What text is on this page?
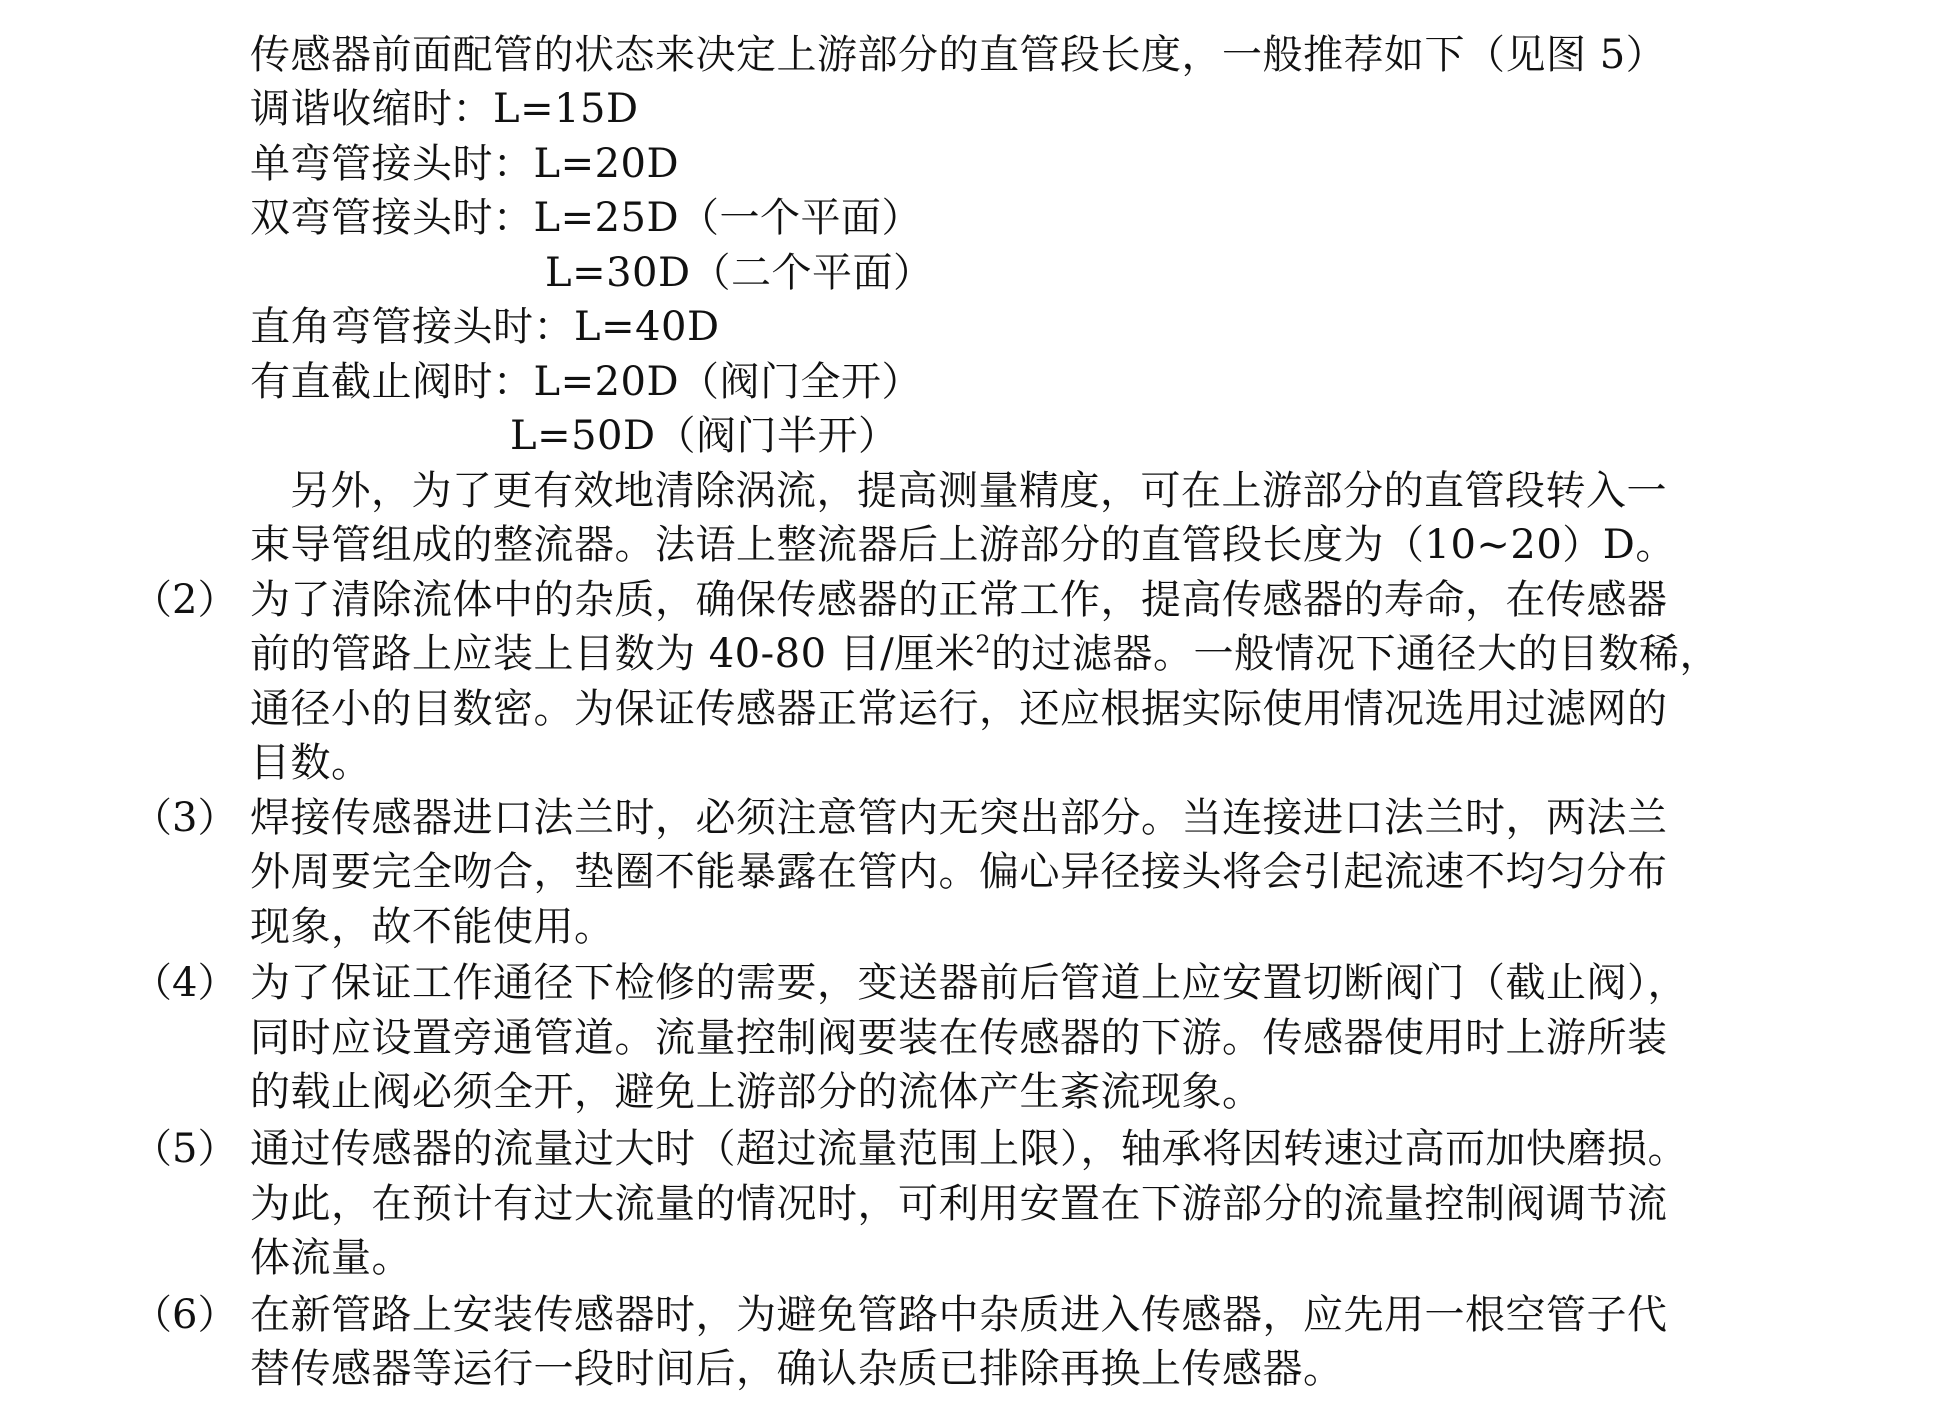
传感器前面配管的状态来决定上游部分的直管段长度，一般推荐如下（见图 5）
调谐收缩时：L=15D
单弯管接头时：L=20D
双弯管接头时：L=25D（一个平面）
L=30D（二个平面）
直角弯管接头时：L=40D
有直截止阀时：L=20D（阀门全开）
L=50D（阀门半开）
另外，为了更有效地清除涡流，提高测量精度，可在上游部分的直管段转入一
束导管组成的整流器。法语上整流器后上游部分的直管段长度为（10~20）D。
（2） 为了清除流体中的杂质，确保传感器的正常工作，提高传感器的寿命，在传感器
前的管路上应装上目数为 40-80 目/厘米$^2$的过滤器。一般情况下通径大的目数稀，
通径小的目数密。为保证传感器正常运行，还应根据实际使用情况选用过滤网的
目数。
（3） 焊接传感器进口法兰时，必须注意管内无突出部分。当连接进口法兰时，两法兰
外周要完全吻合，垫圈不能暴露在管内。偏心异径接头将会引起流速不均匀分布
现象，故不能使用。
（4） 为了保证工作通径下检修的需要，变送器前后管道上应安置切断阀门（截止阀），
同时应设置旁通管道。流量控制阀要装在传感器的下游。传感器使用时上游所装
的载止阀必须全开，避免上游部分的流体产生紊流现象。
（5） 通过传感器的流量过大时（超过流量范围上限），轴承将因转速过高而加快磨损。
为此，在预计有过大流量的情况时，可利用安置在下游部分的流量控制阀调节流
体流量。
（6） 在新管路上安装传感器时，为避免管路中杂质进入传感器，应先用一根空管子代
替传感器等运行一段时间后，确认杂质已排除再换上传感器。
